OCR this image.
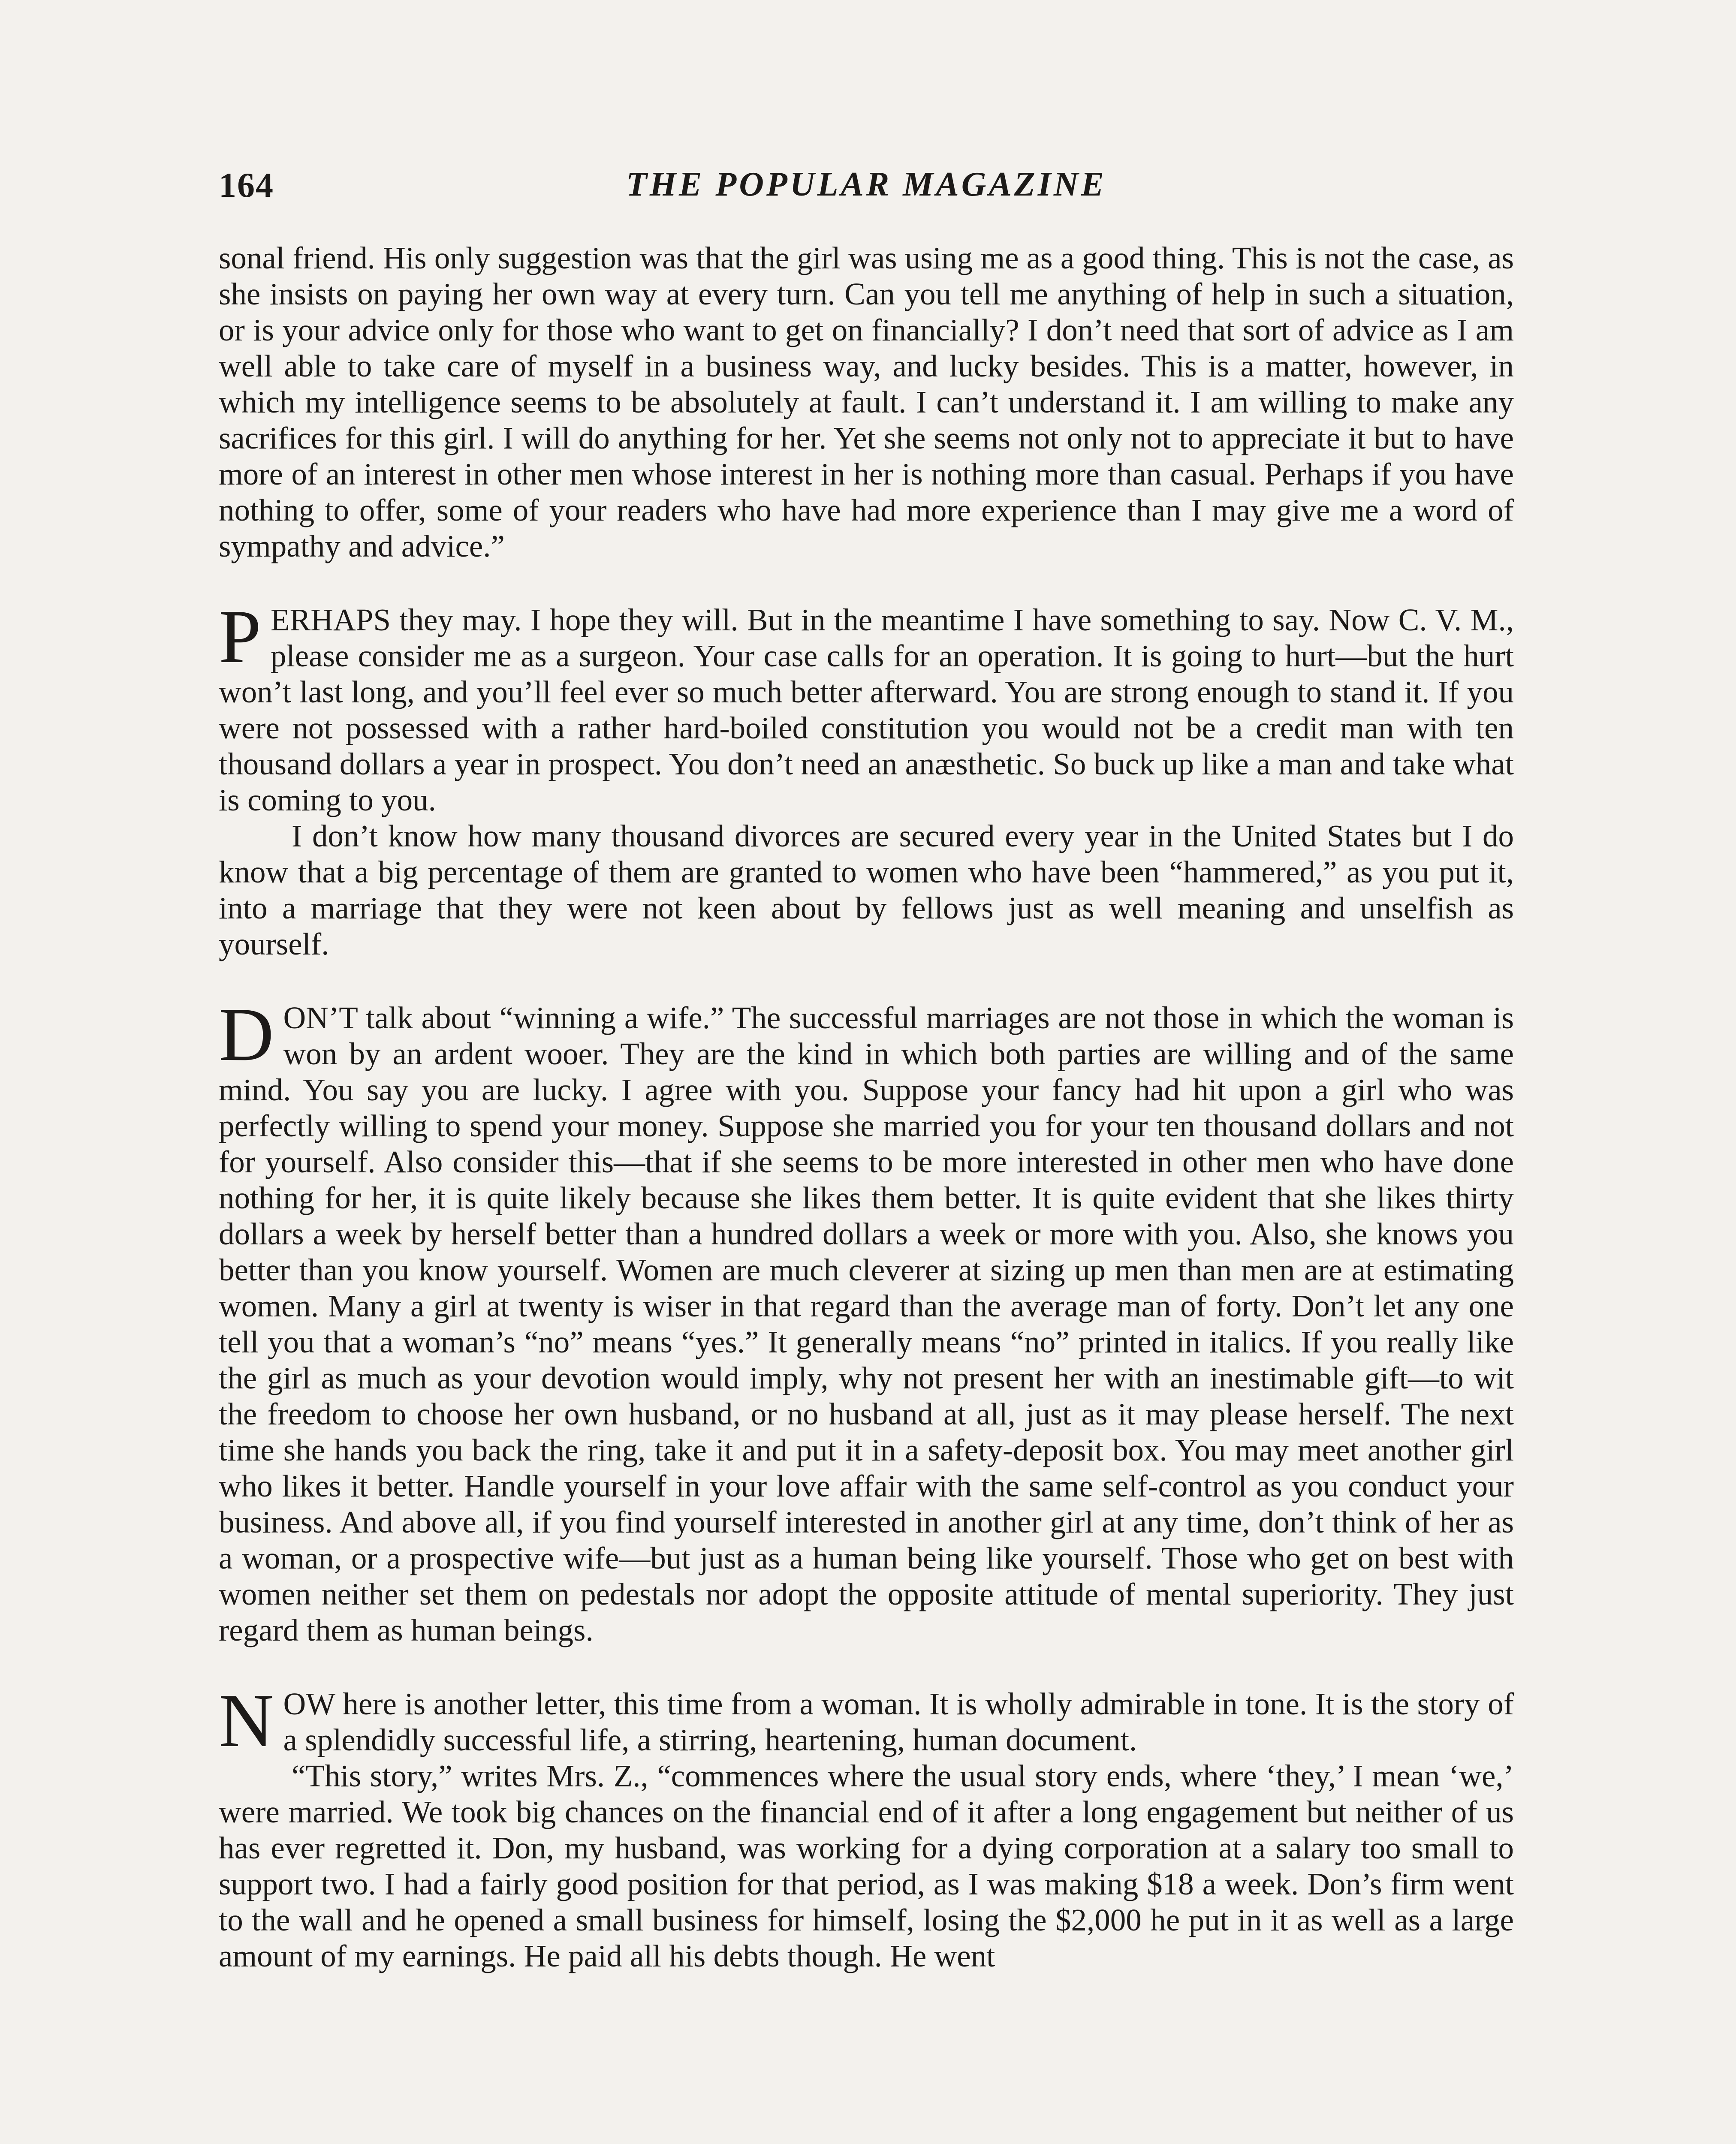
164	THE POPULAR MAGAZINE

sonal friend. His only suggestion was that the girl was using me as a good thing. This is not the case, as she insists on paying her own way at every turn. Can you tell me anything of help in such a situation, or is your advice only for those who want to get on financially? I don’t need that sort of advice as I am well able to take care of myself in a business way, and lucky besides. This is a matter, however, in which my intelligence seems to be absolutely at fault. I can’t understand it. I am willing to make any sacrifices for this girl. I will do anything for her. Yet she seems not only not to appreciate it but to have more of an interest in other men whose interest in her is nothing more than casual. Perhaps if you have nothing to offer, some of your readers who have had more experience than I may give me a word of sympathy and advice.”

PERHAPS they may. I hope they will. But in the meantime I have something to say. Now C. V. M., please consider me as a surgeon. Your case calls for an operation. It is going to hurt—but the hurt won’t last long, and you’ll feel ever so much better afterward. You are strong enough to stand it. If you were not possessed with a rather hard-boiled constitution you would not be a credit man with ten thousand dollars a year in prospect. You don’t need an anæsthetic. So buck up like a man and take what is coming to you.

I don’t know how many thousand divorces are secured every year in the United States but I do know that a big percentage of them are granted to women who have been “hammered,” as you put it, into a marriage that they were not keen about by fellows just as well meaning and unselfish as yourself.

DON’T talk about “winning a wife.” The successful marriages are not those in which the woman is won by an ardent wooer. They are the kind in which both parties are willing and of the same mind. You say you are lucky. I agree with you. Suppose your fancy had hit upon a girl who was perfectly willing to spend your money. Suppose she married you for your ten thousand dollars and not for yourself. Also consider this—that if she seems to be more interested in other men who have done nothing for her, it is quite likely because she likes them better. It is quite evident that she likes thirty dollars a week by herself better than a hundred dollars a week or more with you. Also, she knows you better than you know yourself. Women are much cleverer at sizing up men than men are at estimating women. Many a girl at twenty is wiser in that regard than the average man of forty. Don’t let any one tell you that a woman’s “no” means “yes.” It generally means “no” printed in italics. If you really like the girl as much as your devotion would imply, why not present her with an inestimable gift—to wit the freedom to choose her own husband, or no husband at all, just as it may please herself. The next time she hands you back the ring, take it and put it in a safety-deposit box. You may meet another girl who likes it better. Handle yourself in your love affair with the same self-control as you conduct your business. And above all, if you find yourself interested in another girl at any time, don’t think of her as a woman, or a prospective wife—but just as a human being like yourself. Those who get on best with women neither set them on pedestals nor adopt the opposite attitude of mental superiority. They just regard them as human beings.

NOW here is another letter, this time from a woman. It is wholly admirable in tone. It is the story of a splendidly successful life, a stirring, heartening, human document.

“This story,” writes Mrs. Z., “commences where the usual story ends, where ‘they,’ I mean ‘we,’ were married. We took big chances on the financial end of it after a long engagement but neither of us has ever regretted it. Don, my husband, was working for a dying corporation at a salary too small to support two. I had a fairly good position for that period, as I was making $18 a week. Don’s firm went to the wall and he opened a small business for himself, losing the $2,000 he put in it as well as a large amount of my earnings. He paid all his debts though. He went
